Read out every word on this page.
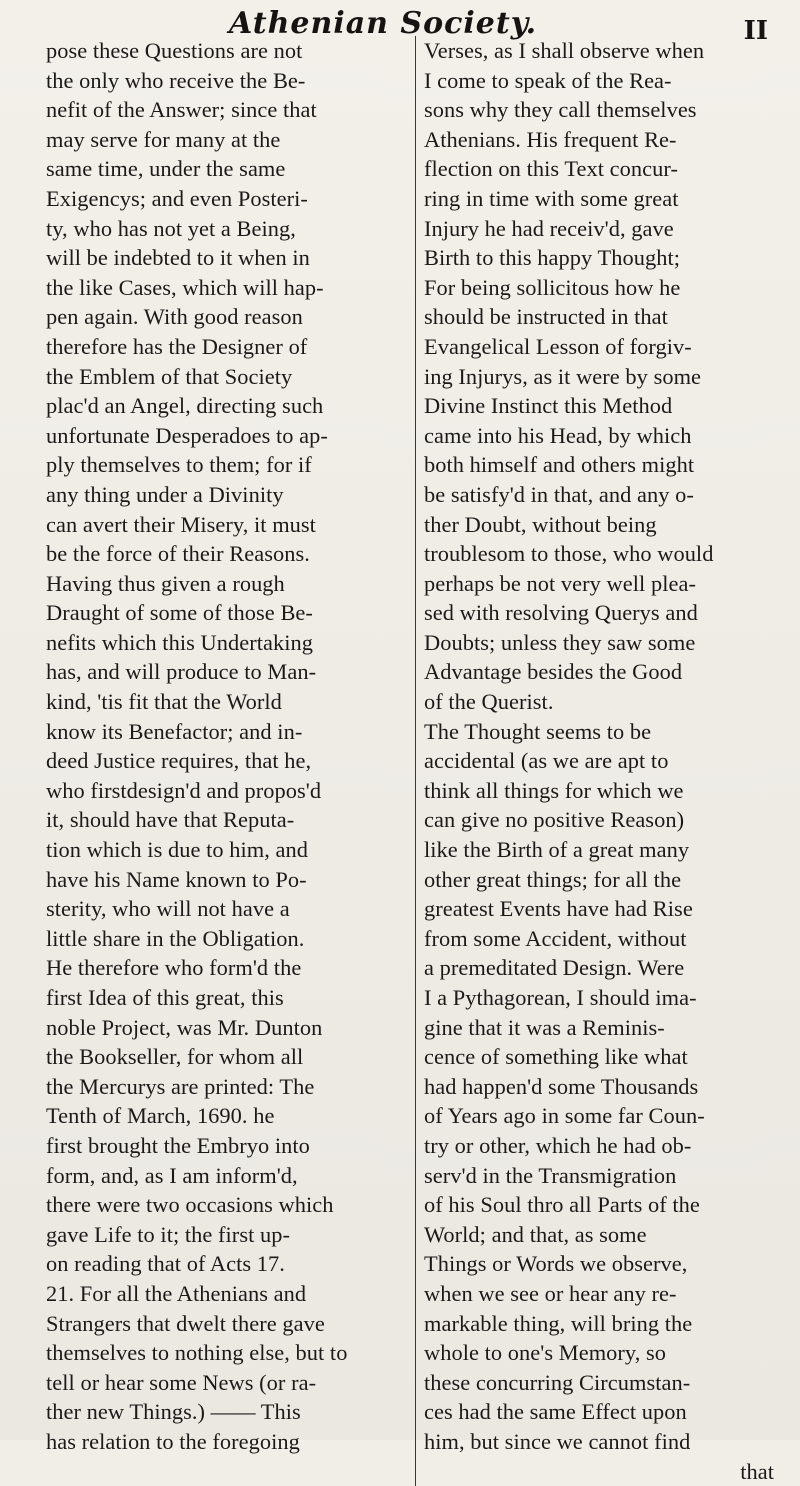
Athenian Society.	II
pose these Questions are not
the only who receive the Be-
nefit of the Answer; since that
may serve for many at the
same time, under the same
Exigencys; and even Posteri-
ty, who has not yet a Being,
will be indebted to it when in
the like Cases, which will hap-
pen again. With good reason
therefore has the Designer of
the Emblem of that Society
plac'd an Angel, directing such
unfortunate Desperadoes to ap-
ply themselves to them; for if
any thing under a Divinity
can avert their Misery, it must
be the force of their Reasons.
Having thus given a rough
Draught of some of those Be-
nefits which this Undertaking
has, and will produce to Man-
kind, 'tis fit that the World
know its Benefactor; and in-
deed Justice requires, that he,
who firstdesign'd and propos'd
it, should have that Reputa-
tion which is due to him, and
have his Name known to Po-
sterity, who will not have a
little share in the Obligation.
He therefore who form'd the
first Idea of this great, this
noble Project, was Mr. Dunton
the Bookseller, for whom all
the Mercurys are printed: The
Tenth of March, 1690. he
first brought the Embryo into
form, and, as I am inform'd,
there were two occasions which
gave Life to it; the first up-
on reading that of Acts 17.
21. For all the Athenians and
Strangers that dwelt there gave
themselves to nothing else, but to
tell or hear some News (or ra-
ther new Things.) —— This
has relation to the foregoing
Verses, as I shall observe when
I come to speak of the Rea-
sons why they call themselves
Athenians. His frequent Re-
flection on this Text concur-
ring in time with some great
Injury he had receiv'd, gave
Birth to this happy Thought;
For being sollicitous how he
should be instructed in that
Evangelical Lesson of forgiv-
ing Injurys, as it were by some
Divine Instinct this Method
came into his Head, by which
both himself and others might
be satisfy'd in that, and any o-
ther Doubt, without being
troublesom to those, who would
perhaps be not very well plea-
sed with resolving Querys and
Doubts; unless they saw some
Advantage besides the Good
of the Querist.
The Thought seems to be
accidental (as we are apt to
think all things for which we
can give no positive Reason)
like the Birth of a great many
other great things; for all the
greatest Events have had Rise
from some Accident, without
a premeditated Design. Were
I a Pythagorean, I should ima-
gine that it was a Reminis-
cence of something like what
had happen'd some Thousands
of Years ago in some far Coun-
try or other, which he had ob-
serv'd in the Transmigration
of his Soul thro all Parts of the
World; and that, as some
Things or Words we observe,
when we see or hear any re-
markable thing, will bring the
whole to one's Memory, so
these concurring Circumstan-
ces had the same Effect upon
him, but since we cannot find
that
